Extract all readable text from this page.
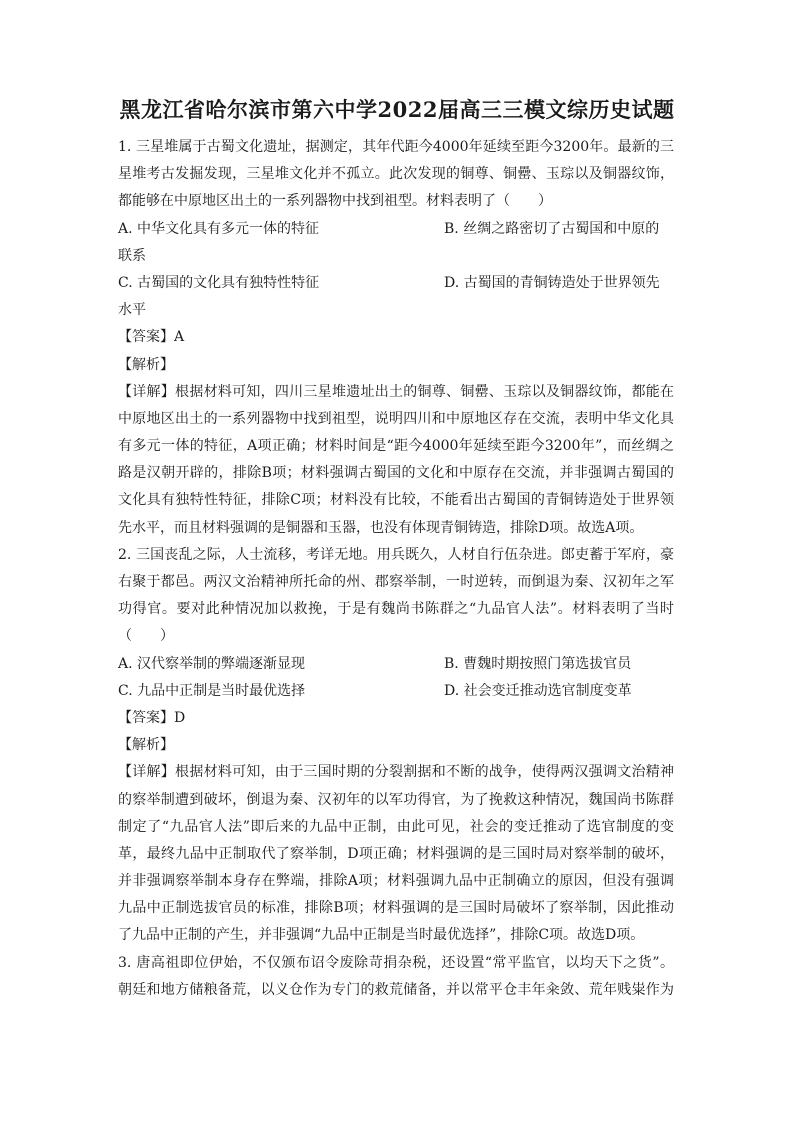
黑龙江省哈尔滨市第六中学2022届高三三模文综历史试题
1. 三星堆属于古蜀文化遗址，据测定，其年代距今4000年延续至距今3200年。最新的三
星堆考古发掘发现，三星堆文化并不孤立。此次发现的铜尊、铜罍、玉琮以及铜器纹饰，
都能够在中原地区出土的一系列器物中找到祖型。材料表明了（　　）
A. 中华文化具有多元一体的特征	B. 丝绸之路密切了古蜀国和中原的
联系
C. 古蜀国的文化具有独特性特征	D. 古蜀国的青铜铸造处于世界领先
水平
【答案】A
【解析】
【详解】根据材料可知，四川三星堆遗址出土的铜尊、铜罍、玉琮以及铜器纹饰，都能在
中原地区出土的一系列器物中找到祖型，说明四川和中原地区存在交流，表明中华文化具
有多元一体的特征，A项正确；材料时间是“距今4000年延续至距今3200年”，而丝绸之
路是汉朝开辟的，排除B项；材料强调古蜀国的文化和中原存在交流，并非强调古蜀国的
文化具有独特性特征，排除C项；材料没有比较，不能看出古蜀国的青铜铸造处于世界领
先水平，而且材料强调的是铜器和玉器，也没有体现青铜铸造，排除D项。故选A项。
2. 三国丧乱之际，人士流移，考详无地。用兵既久，人材自行伍杂进。郎吏蓄于军府，豪
右聚于都邑。两汉文治精神所托命的州、郡察举制，一时逆转，而倒退为秦、汉初年之军
功得官。要对此种情况加以救挽，于是有魏尚书陈群之“九品官人法”。材料表明了当时
（　　）
A. 汉代察举制的弊端逐渐显现	B. 曹魏时期按照门第选拔官员
C. 九品中正制是当时最优选择	D. 社会变迁推动选官制度变革
【答案】D
【解析】
【详解】根据材料可知，由于三国时期的分裂割据和不断的战争，使得两汉强调文治精神
的察举制遭到破坏，倒退为秦、汉初年的以军功得官，为了挽救这种情况，魏国尚书陈群
制定了“九品官人法”即后来的九品中正制，由此可见，社会的变迁推动了选官制度的变
革，最终九品中正制取代了察举制，D项正确；材料强调的是三国时局对察举制的破坏，
并非强调察举制本身存在弊端，排除A项；材料强调九品中正制确立的原因，但没有强调
九品中正制选拔官员的标准，排除B项；材料强调的是三国时局破坏了察举制，因此推动
了九品中正制的产生，并非强调“九品中正制是当时最优选择”，排除C项。故选D项。
3. 唐高祖即位伊始，不仅颁布诏令废除苛捐杂税，还设置“常平监官，以均天下之货”。
朝廷和地方储粮备荒，以义仓作为专门的救荒储备，并以常平仓丰年籴敛、荒年贱粜作为
